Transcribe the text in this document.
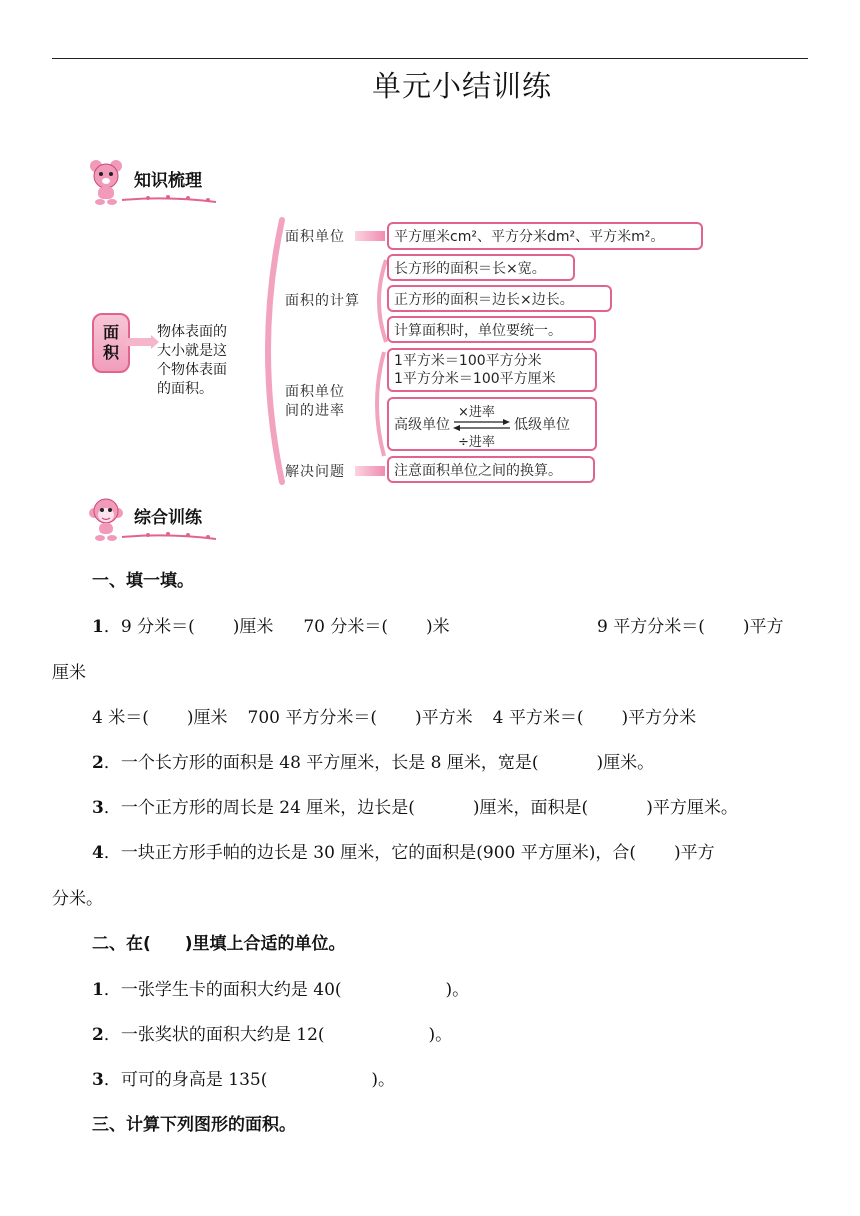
单元小结训练
知识梳理
面
积
物体表面的
大小就是这
个物体表面
的面积。
面积单位	平方厘米cm²、平方分米dm²、平方米m²。
面积的计算
长方形的面积＝长×宽。
正方形的面积＝边长×边长。
计算面积时，单位要统一。
面积单位
间的进率
1平方米＝100平方分米
1平方分米＝100平方厘米
高级单位
×进率
÷进率
低级单位
解决问题	注意面积单位之间的换算。
综合训练
一、填一填。
1．9 分米＝( )厘米 70 分米＝( )米	9 平方分米＝( )平方
厘米
4 米＝( )厘米 700 平方分米＝( )平方米 4 平方米＝( )平方分米
2．一个长方形的面积是 48 平方厘米，长是 8 厘米，宽是(	)厘米。
3．一个正方形的周长是 24 厘米，边长是(	)厘米，面积是(	)平方厘米。
4．一块正方形手帕的边长是 30 厘米，它的面积是(900 平方厘米)，合( )平方
分米。
二、在( )里填上合适的单位。
1．一张学生卡的面积大约是 40(	)。
2．一张奖状的面积大约是 12(	)。
3．可可的身高是 135(	)。
三、计算下列图形的面积。
